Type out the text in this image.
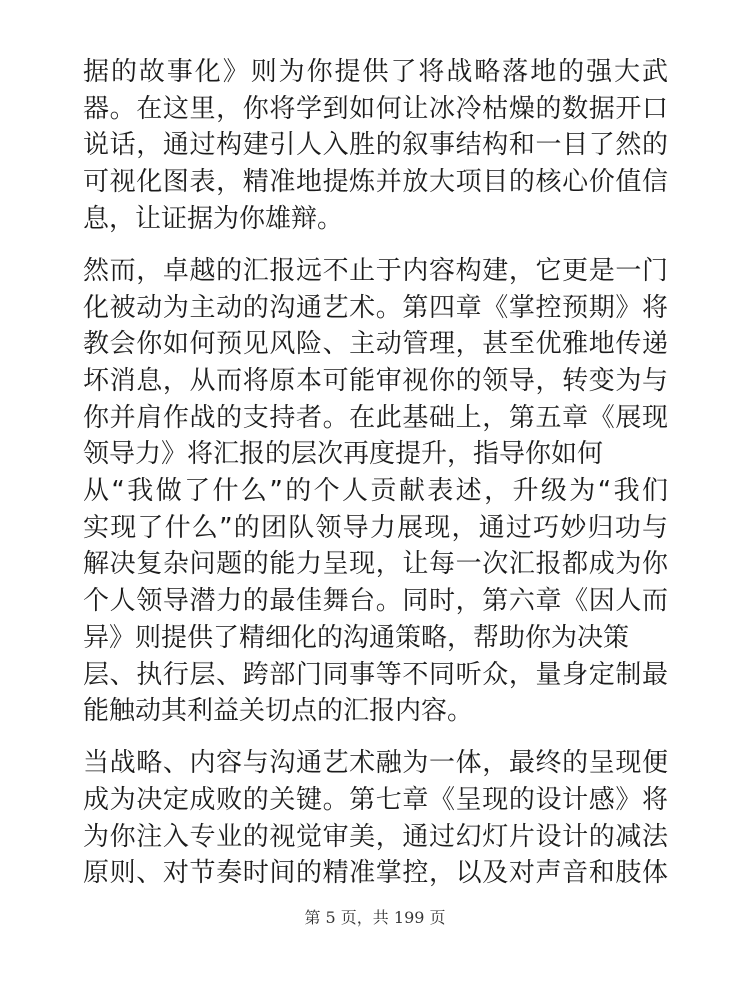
据的故事化》则为你提供了将战略落地的强大武
器。在这里，你将学到如何让冰冷枯燥的数据开口
说话，通过构建引人入胜的叙事结构和一目了然的
可视化图表，精准地提炼并放大项目的核心价值信
息，让证据为你雄辩。
然而，卓越的汇报远不止于内容构建，它更是一门
化被动为主动的沟通艺术。第四章《掌控预期》将
教会你如何预见风险、主动管理，甚至优雅地传递
坏消息，从而将原本可能审视你的领导，转变为与
你并肩作战的支持者。在此基础上，第五章《展现
领导力》将汇报的层次再度提升，指导你如何
从“我做了什么”的个人贡献表述，升级为“我们
实现了什么”的团队领导力展现，通过巧妙归功与
解决复杂问题的能力呈现，让每一次汇报都成为你
个人领导潜力的最佳舞台。同时，第六章《因人而
异》则提供了精细化的沟通策略，帮助你为决策
层、执行层、跨部门同事等不同听众，量身定制最
能触动其利益关切点的汇报内容。
当战略、内容与沟通艺术融为一体，最终的呈现便
成为决定成败的关键。第七章《呈现的设计感》将
为你注入专业的视觉审美，通过幻灯片设计的减法
原则、对节奏时间的精准掌控，以及对声音和肢体
第 5 页，共 199 页
